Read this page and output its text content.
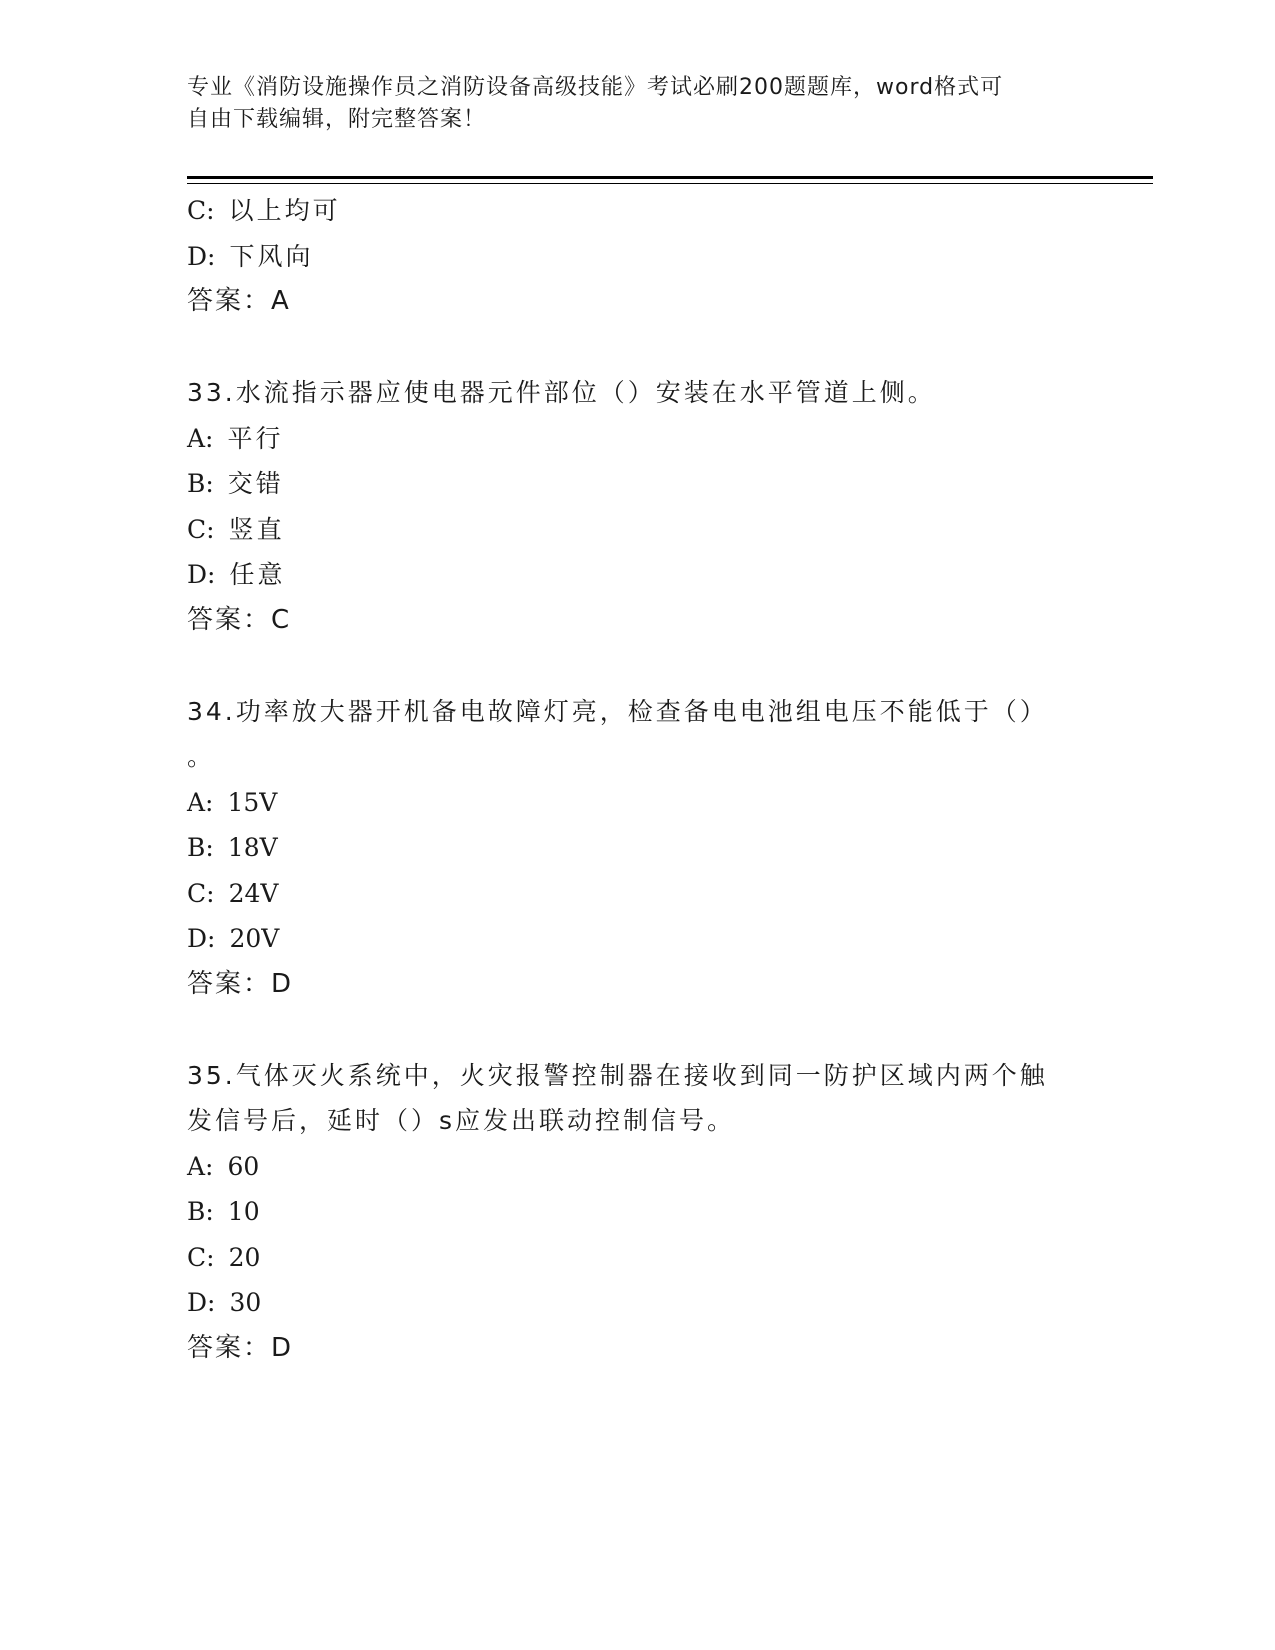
专业《消防设施操作员之消防设备高级技能》考试必刷200题题库，word格式可
自由下载编辑，附完整答案！
C: 以上均可
D: 下风向
答案：A
33.水流指示器应使电器元件部位（）安装在水平管道上侧。
A: 平行
B: 交错
C: 竖直
D: 任意
答案：C
34.功率放大器开机备电故障灯亮，检查备电电池组电压不能低于（）
。
A: 15V
B: 18V
C: 24V
D: 20V
答案：D
35.气体灭火系统中，火灾报警控制器在接收到同一防护区域内两个触
发信号后，延时（）s应发出联动控制信号。
A: 60
B: 10
C: 20
D: 30
答案：D
